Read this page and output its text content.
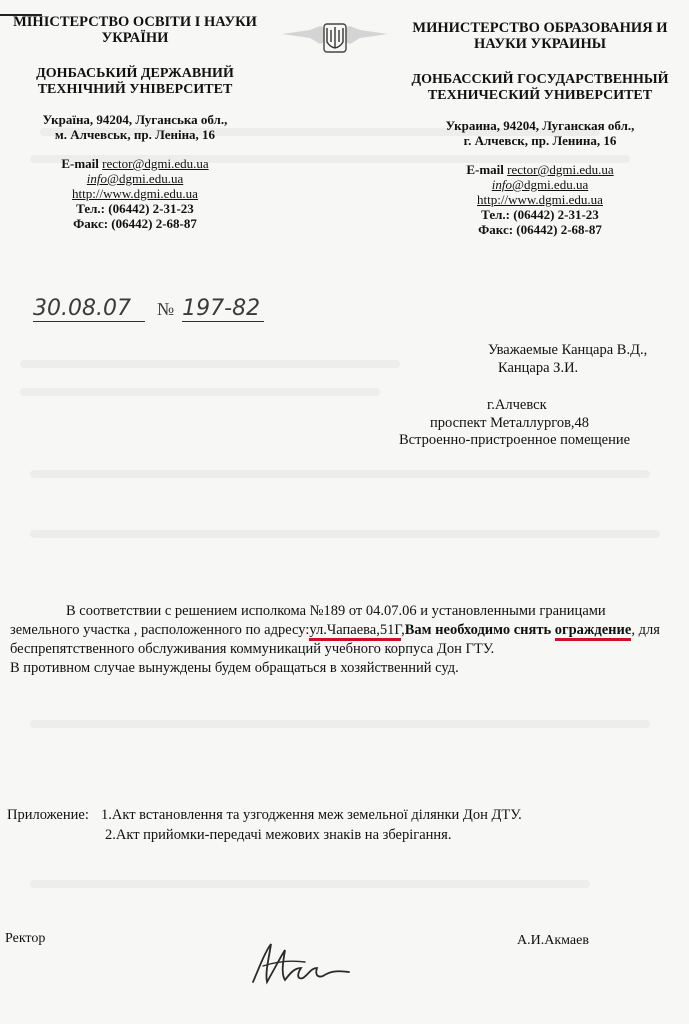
МІНІСТЕРСТВО ОСВІТИ І НАУКИ УКРАЇНИ
ДОНБАСЬКИЙ ДЕРЖАВНИЙ ТЕХНІЧНИЙ УНІВЕРСИТЕТ
Україна, 94204, Луганська обл.,
м. Алчевськ, пр. Леніна, 16
E-mail rector@dgmi.edu.ua
info@dgmi.edu.ua
http://www.dgmi.edu.ua
Тел.: (06442) 2-31-23
Факс: (06442) 2-68-87
МИНИСТЕРСТВО ОБРАЗОВАНИЯ И НАУКИ УКРАИНЫ
ДОНБАССКИЙ ГОСУДАРСТВЕННЫЙ ТЕХНИЧЕСКИЙ УНИВЕРСИТЕТ
Украина, 94204, Луганская обл.,
г. Алчевск, пр. Ленина, 16
E-mail rector@dgmi.edu.ua
info@dgmi.edu.ua
http://www.dgmi.edu.ua
Тел.: (06442) 2-31-23
Факс: (06442) 2-68-87
30.08.07 № 197-82
Уважаемые Канцара В.Д.,
Канцара З.И.
г.Алчевск
проспект Металлургов,48
Встроенно-пристроенное помещение
В соответствии с решением исполкома №189 от 04.07.06 и установленными границами земельного участка , расположенного по адресу:ул.Чапаева,51Г,Вам необходимо снять ограждение, для беспрепятственного обслуживания коммуникаций учебного корпуса Дон ГТУ.
В противном случае вынуждены будем обращаться в хозяйственний суд.
Приложение: 1.Акт встановлення та узгодження меж земельної ділянки Дон ДТУ.
2.Акт прийомки-передачі межових знаків на зберігання.
Ректор	А.И.Акмаев
